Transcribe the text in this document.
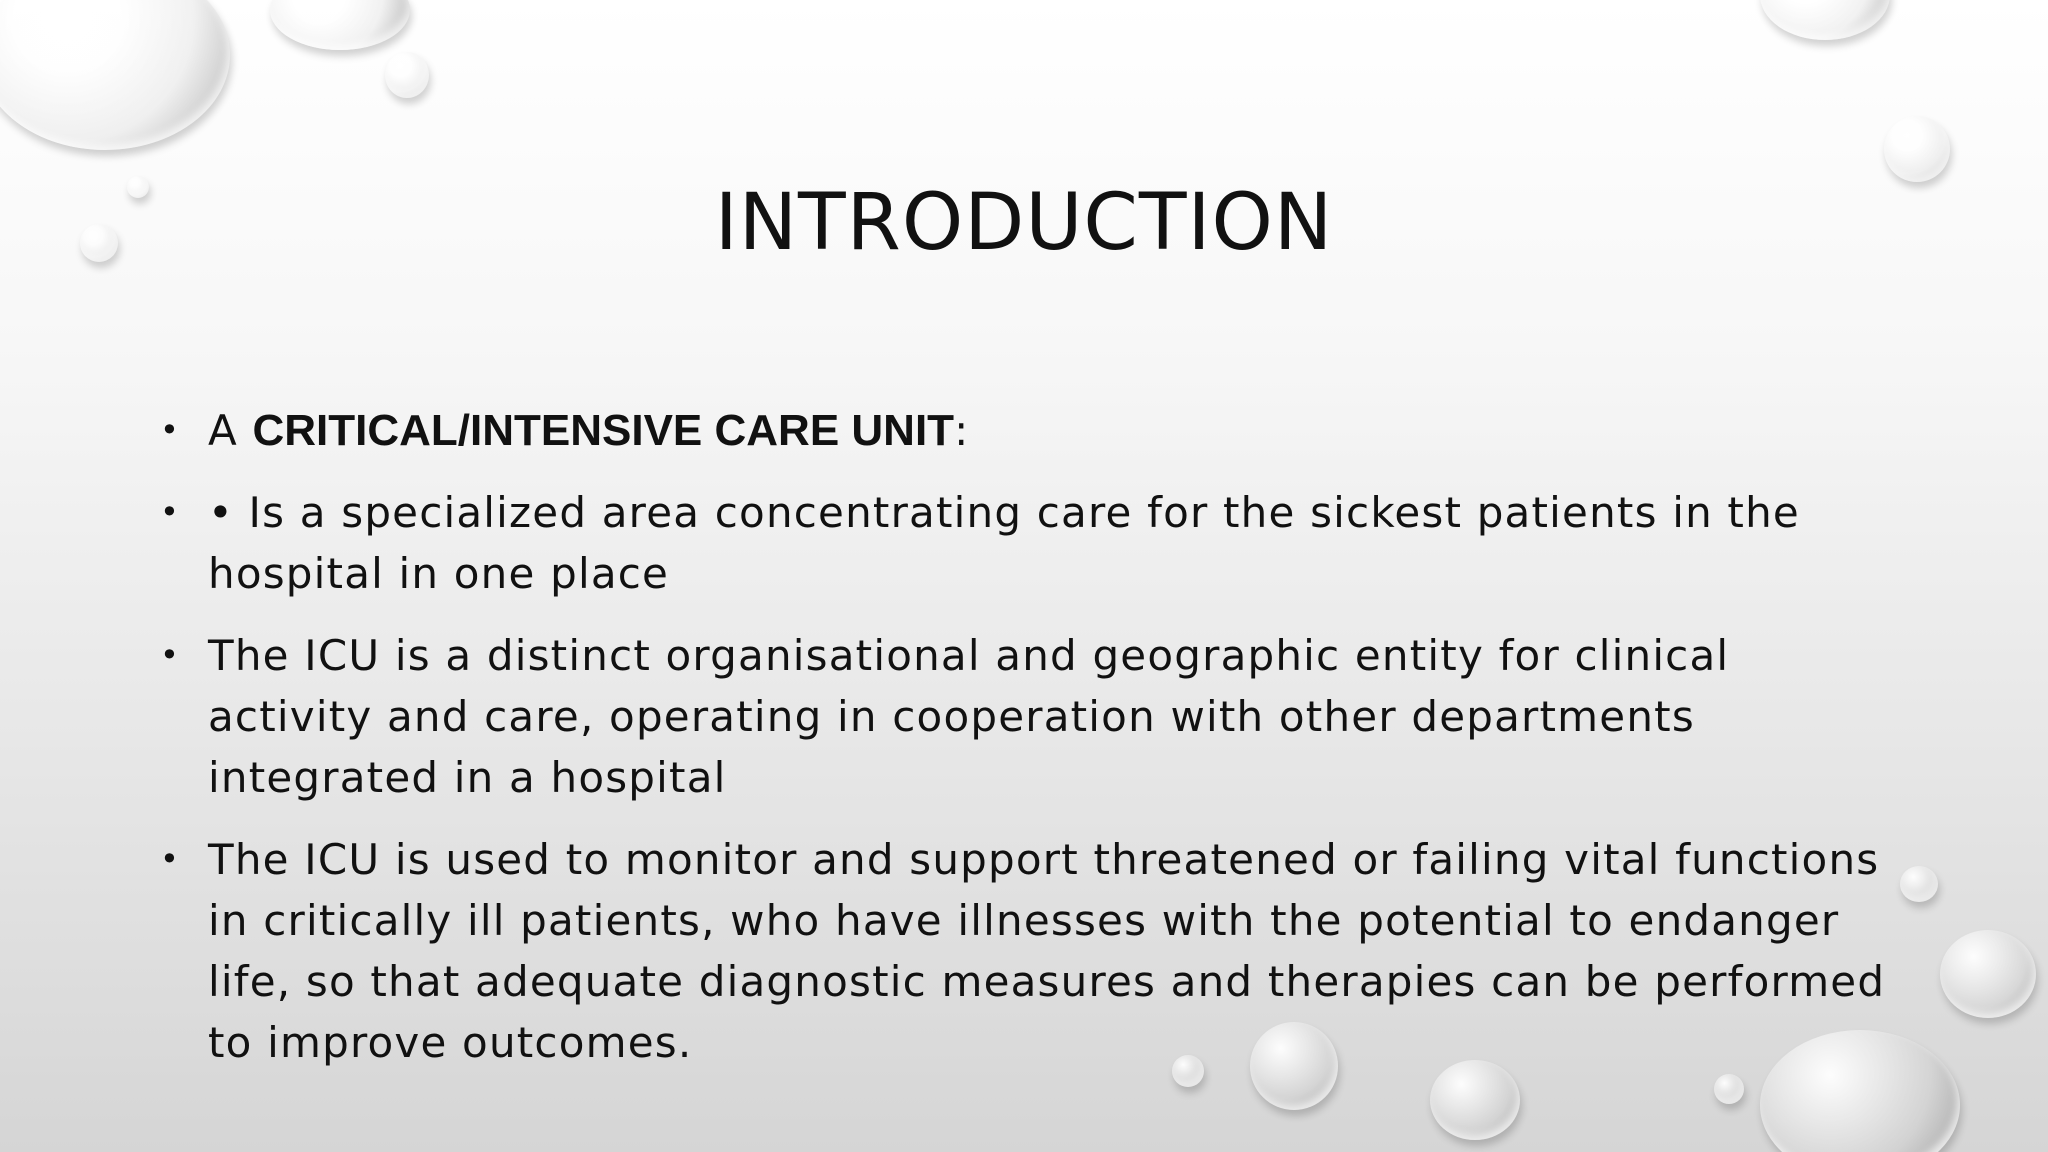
INTRODUCTION
• A CRITICAL/INTENSIVE CARE UNIT:
• • Is a specialized area concentrating care for the sickest patients in the hospital in one place
• The ICU is a distinct organisational and geographic entity for clinical activity and care, operating in cooperation with other departments integrated in a hospital
• The ICU is used to monitor and support threatened or failing vital functions in critically ill patients, who have illnesses with the potential to endanger life, so that adequate diagnostic measures and therapies can be performed to improve outcomes.
